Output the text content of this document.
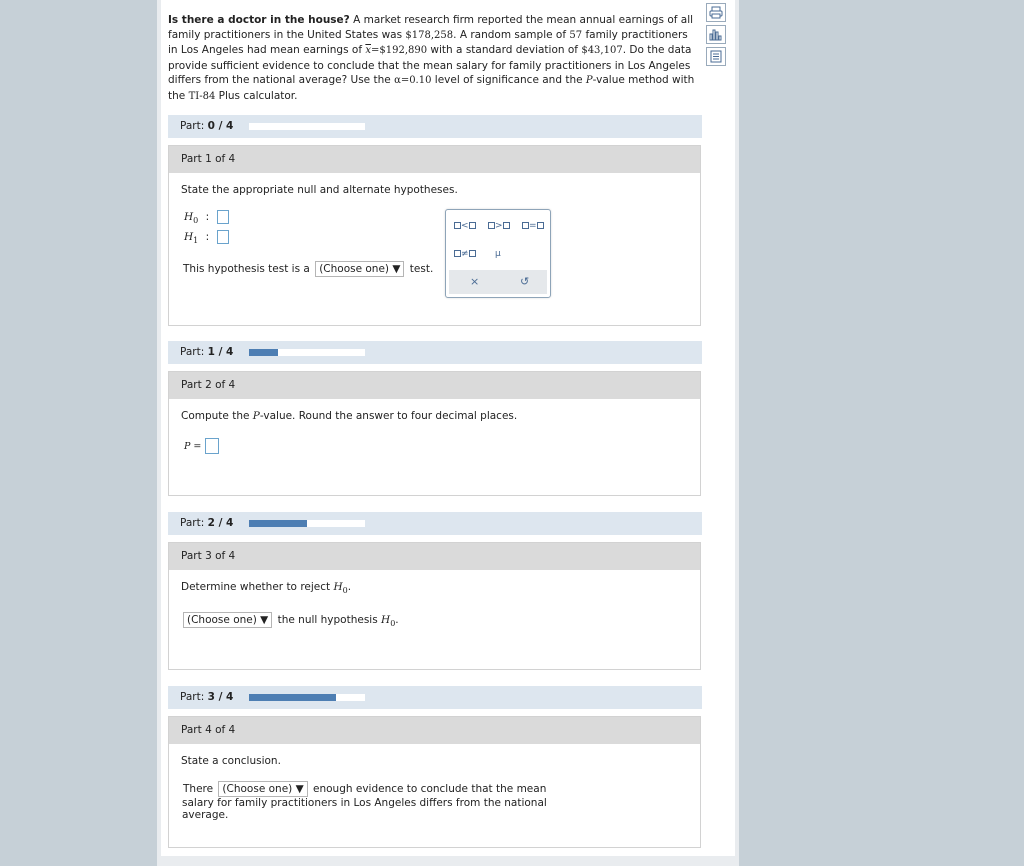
Is there a doctor in the house? A market research firm reported the mean annual earnings of all family practitioners in the United States was $178,258. A random sample of 57 family practitioners in Los Angeles had mean earnings of $\overline{x}=\$192,890$ with a standard deviation of $43,107. Do the data provide sufficient evidence to conclude that the mean salary for family practitioners in Los Angeles differs from the national average? Use the α=0.10 level of significance and the P-value method with the TI-84 Plus calculator.
Part: 0 / 4
Part 1 of 4
State the appropriate null and alternate hypotheses.
$H_0$ :
$H_1$ :
This hypothesis test is a (Choose one) ▼ test.
<	>	=
≠	μ
×	↺
Part: 1 / 4
Part 2 of 4
Compute the P-value. Round the answer to four decimal places.
P =
Part: 2 / 4
Part 3 of 4
Determine whether to reject $H_0$.
(Choose one) ▼ the null hypothesis $H_0$.
Part: 3 / 4
Part 4 of 4
State a conclusion.
There (Choose one) ▼ enough evidence to conclude that the mean
salary for family practitioners in Los Angeles differs from the national
average.
